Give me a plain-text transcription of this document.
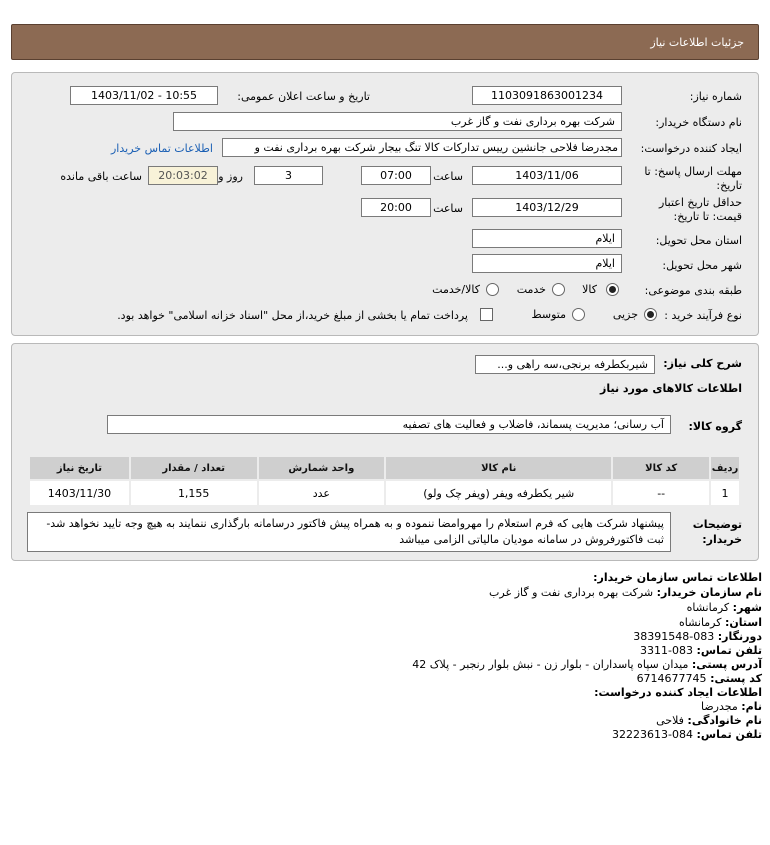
جزئیات اطلاعات نیاز
شماره نیاز:
1103091863001234
تاریخ و ساعت اعلان عمومی:
1403/11/02 - 10:55
نام دستگاه خریدار:
شرکت بهره برداری نفت و گاز غرب
ایجاد کننده درخواست:
مجدرضا فلاحی جانشین رییس تدارکات کالا تنگ بیجار شرکت بهره برداری نفت و
اطلاعات تماس خریدار
مهلت ارسال پاسخ: تا
تاریخ:
1403/11/06
ساعت
07:00
3
روز و
20:03:02
ساعت باقی مانده
حداقل تاریخ اعتبار
قیمت: تا تاریخ:
1403/12/29
ساعت
20:00
استان محل تحویل:
ایلام
شهر محل تحویل:
ایلام
طبقه بندی موضوعی:
کالا
خدمت
کالا/خدمت
نوع فرآیند خرید :
جزیی
متوسط
پرداخت تمام یا بخشی از مبلغ خرید،از محل "اسناد خزانه اسلامی" خواهد بود.
شرح کلی نیاز:
شیربکطرفه برنجی،سه راهی و...
اطلاعات کالاهای مورد نیاز
گروه کالا:
آب رسانی؛ مدیریت پسماند، فاضلاب و فعالیت های تصفیه
ردیف	کد کالا	نام کالا	واحد شمارش	تعداد / مقدار	تاریخ نیاز
1	--	شیر یکطرفه ویفر (ویفر چک ولو)	عدد	1,155	1403/11/30
توضیحات
خریدار:
پیشنهاد شرکت هایی که فرم استعلام را مهروامضا ننموده و به همراه پیش فاکتور درسامانه بارگذاری ننمایند به هیچ وجه تایید نخواهد شد-ثبت فاکتورفروش در سامانه مودیان مالیاتی الزامی میباشد
اطلاعات تماس سازمان خریدار:
نام سازمان خریدار: شرکت بهره برداری نفت و گاز غرب
شهر: کرمانشاه
استان: کرمانشاه
دورنگار: 083-38391548
تلفن تماس: 083-3311
آدرس پستی: میدان سپاه پاسداران - بلوار زن - نبش بلوار رنجبر - پلاک 42
کد پستی: 6714677745
اطلاعات ایجاد کننده درخواست:
نام: مجدرضا
نام خانوادگی: فلاحی
تلفن تماس: 084-32223613
